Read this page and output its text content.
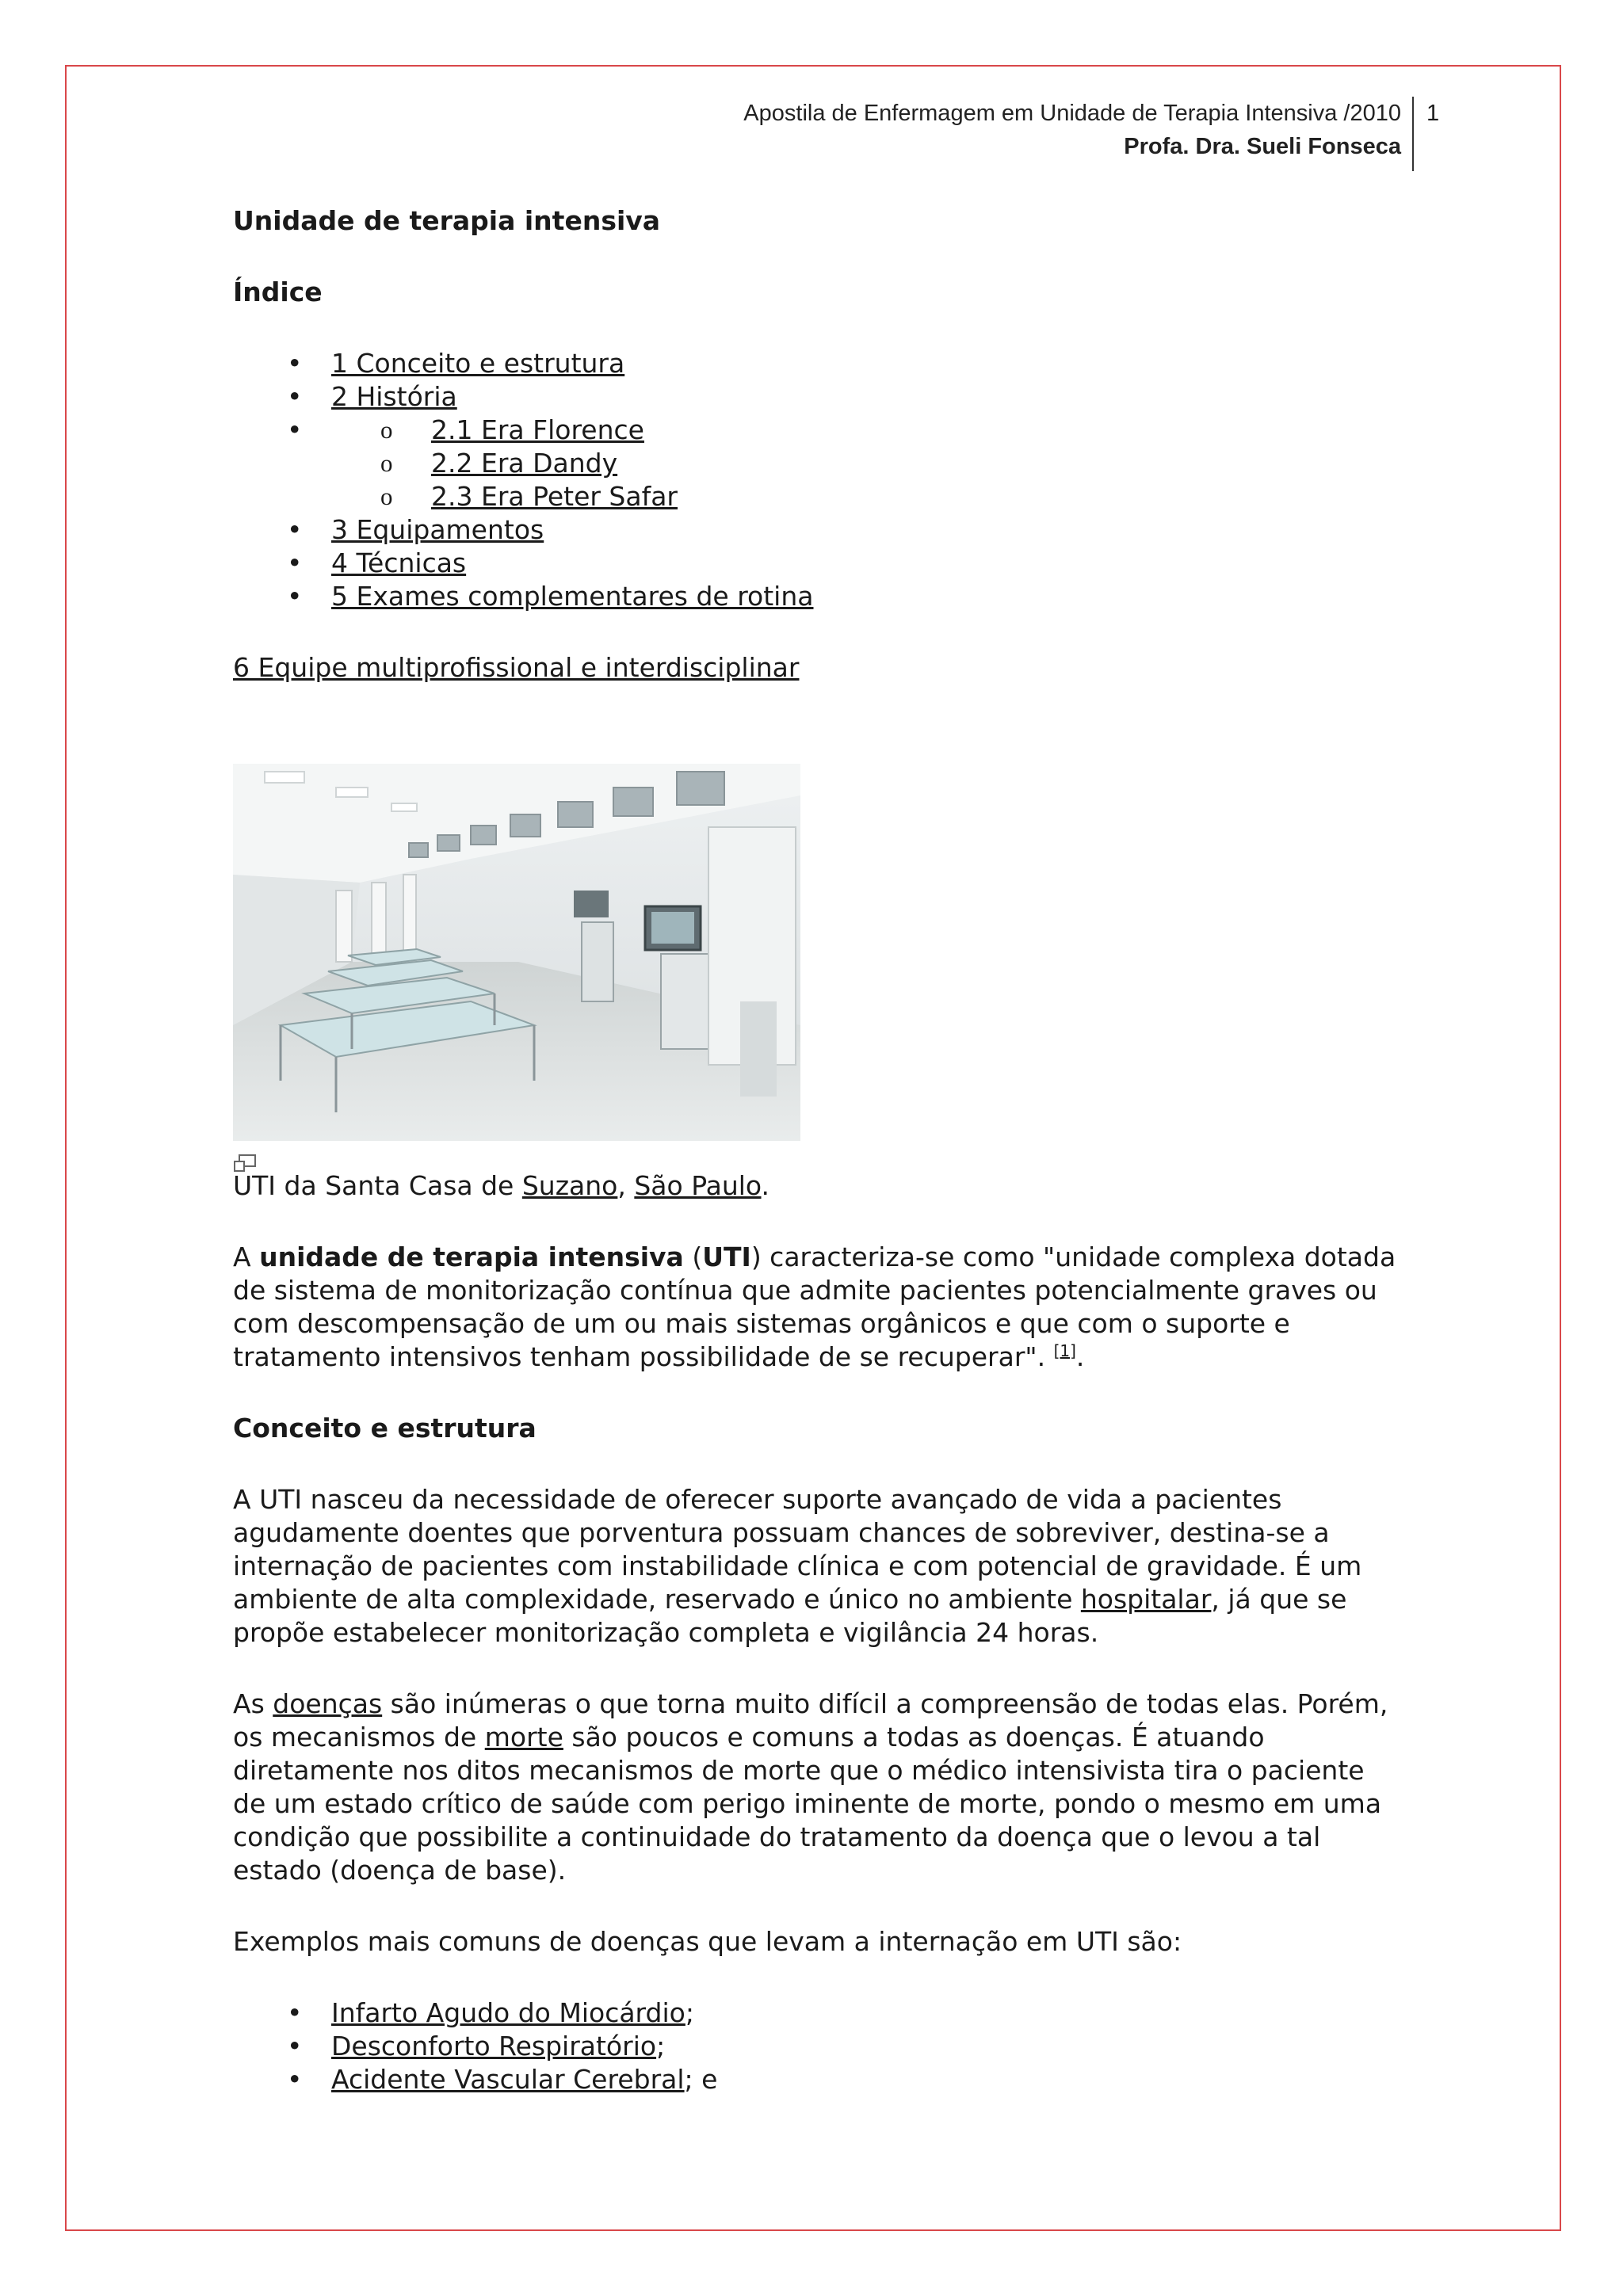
Apostila de Enfermagem em Unidade de Terapia Intensiva /2010
Profa. Dra. Sueli Fonseca
1
Unidade de terapia intensiva
Índice
• 1 Conceito e estrutura
• 2 História
o • 2.1 Era Florence
o 2.2 Era Dandy
o 2.3 Era Peter Safar
• 3 Equipamentos
• 4 Técnicas
• 5 Exames complementares de rotina

6 Equipe multiprofissional e interdisciplinar

UTI da Santa Casa de Suzano, São Paulo.

A unidade de terapia intensiva (UTI) caracteriza-se como "unidade complexa dotada de sistema de monitorização contínua que admite pacientes potencialmente graves ou com descompensação de um ou mais sistemas orgânicos e que com o suporte e tratamento intensivos tenham possibilidade de se recuperar". [1].

Conceito e estrutura

A UTI nasceu da necessidade de oferecer suporte avançado de vida a pacientes agudamente doentes que porventura possuam chances de sobreviver, destina-se a internação de pacientes com instabilidade clínica e com potencial de gravidade. É um ambiente de alta complexidade, reservado e único no ambiente hospitalar, já que se propõe estabelecer monitorização completa e vigilância 24 horas.

As doenças são inúmeras o que torna muito difícil a compreensão de todas elas. Porém, os mecanismos de morte são poucos e comuns a todas as doenças. É atuando diretamente nos ditos mecanismos de morte que o médico intensivista tira o paciente de um estado crítico de saúde com perigo iminente de morte, pondo o mesmo em uma condição que possibilite a continuidade do tratamento da doença que o levou a tal estado (doença de base).

Exemplos mais comuns de doenças que levam a internação em UTI são:

• Infarto Agudo do Miocárdio;
• Desconforto Respiratório;
• Acidente Vascular Cerebral; e
